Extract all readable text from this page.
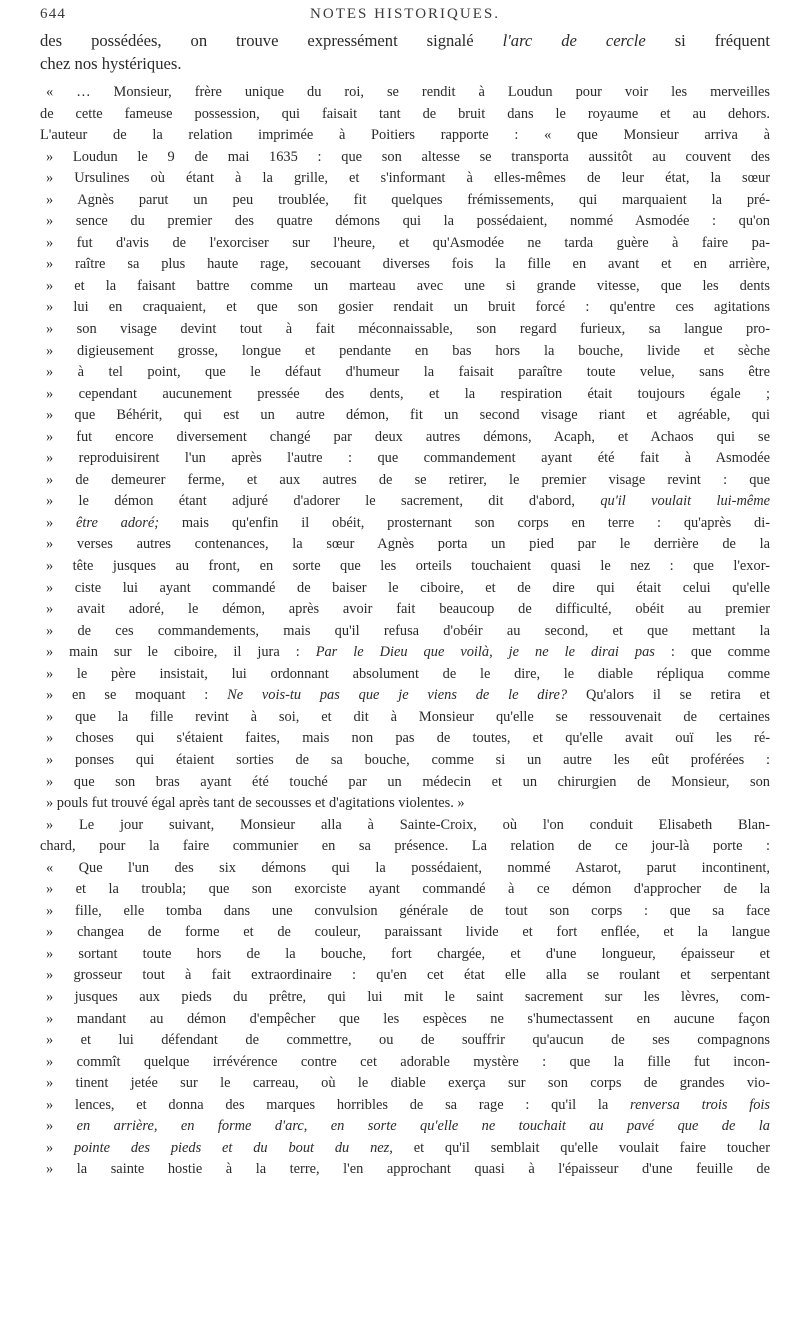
644	NOTES HISTORIQUES.
des possédées, on trouve expressément signalé l'arc de cercle si fréquent
chez nos hystériques.
« … Monsieur, frère unique du roi, se rendit à Loudun pour voir les merveilles
de cette fameuse possession, qui faisait tant de bruit dans le royaume et au dehors.
L'auteur de la relation imprimée à Poitiers rapporte : « que Monsieur arriva à
» Loudun le 9 de mai 1635 : que son altesse se transporta aussitôt au couvent des
» Ursulines où étant à la grille, et s'informant à elles-mêmes de leur état, la sœur
» Agnès parut un peu troublée, fit quelques frémissements, qui marquaient la pré-
» sence du premier des quatre démons qui la possédaient, nommé Asmodée : qu'on
» fut d'avis de l'exorciser sur l'heure, et qu'Asmodée ne tarda guère à faire pa-
» raître sa plus haute rage, secouant diverses fois la fille en avant et en arrière,
» et la faisant battre comme un marteau avec une si grande vitesse, que les dents
» lui en craquaient, et que son gosier rendait un bruit forcé : qu'entre ces agitations
» son visage devint tout à fait méconnaissable, son regard furieux, sa langue pro-
» digieusement grosse, longue et pendante en bas hors la bouche, livide et sèche
» à tel point, que le défaut d'humeur la faisait paraître toute velue, sans être
» cependant aucunement pressée des dents, et la respiration était toujours égale ;
» que Béhérit, qui est un autre démon, fit un second visage riant et agréable, qui
» fut encore diversement changé par deux autres démons, Acaph, et Achaos qui se
» reproduisirent l'un après l'autre : que commandement ayant été fait à Asmodée
» de demeurer ferme, et aux autres de se retirer, le premier visage revint : que
» le démon étant adjuré d'adorer le sacrement, dit d'abord, qu'il voulait lui-même
» être adoré; mais qu'enfin il obéit, prosternant son corps en terre : qu'après di-
» verses autres contenances, la sœur Agnès porta un pied par le derrière de la
» tête jusques au front, en sorte que les orteils touchaient quasi le nez : que l'exor-
» ciste lui ayant commandé de baiser le ciboire, et de dire qui était celui qu'elle
» avait adoré, le démon, après avoir fait beaucoup de difficulté, obéit au premier
» de ces commandements, mais qu'il refusa d'obéir au second, et que mettant la
» main sur le ciboire, il jura : Par le Dieu que voilà, je ne le dirai pas : que comme
» le père insistait, lui ordonnant absolument de le dire, le diable répliqua comme
» en se moquant : Ne vois-tu pas que je viens de le dire? Qu'alors il se retira et
» que la fille revint à soi, et dit à Monsieur qu'elle se ressouvenait de certaines
» choses qui s'étaient faites, mais non pas de toutes, et qu'elle avait ouï les ré-
» ponses qui étaient sorties de sa bouche, comme si un autre les eût proférées :
» que son bras ayant été touché par un médecin et un chirurgien de Monsieur, son
» pouls fut trouvé égal après tant de secousses et d'agitations violentes. »
» Le jour suivant, Monsieur alla à Sainte-Croix, où l'on conduit Elisabeth Blan-
chard, pour la faire communier en sa présence. La relation de ce jour-là porte :
« Que l'un des six démons qui la possédaient, nommé Astarot, parut incontinent,
» et la troubla; que son exorciste ayant commandé à ce démon d'approcher de la
» fille, elle tomba dans une convulsion générale de tout son corps : que sa face
» changea de forme et de couleur, paraissant livide et fort enflée, et la langue
» sortant toute hors de la bouche, fort chargée, et d'une longueur, épaisseur et
» grosseur tout à fait extraordinaire : qu'en cet état elle alla se roulant et serpentant
» jusques aux pieds du prêtre, qui lui mit le saint sacrement sur les lèvres, com-
» mandant au démon d'empêcher que les espèces ne s'humectassent en aucune façon
» et lui défendant de commettre, ou de souffrir qu'aucun de ses compagnons
» commît quelque irrévérence contre cet adorable mystère : que la fille fut incon-
» tinent jetée sur le carreau, où le diable exerça sur son corps de grandes vio-
» lences, et donna des marques horribles de sa rage : qu'il la renversa trois fois
» en arrière, en forme d'arc, en sorte qu'elle ne touchait au pavé que de la
» pointe des pieds et du bout du nez, et qu'il semblait qu'elle voulait faire toucher
» la sainte hostie à la terre, l'en approchant quasi à l'épaisseur d'une feuille de
